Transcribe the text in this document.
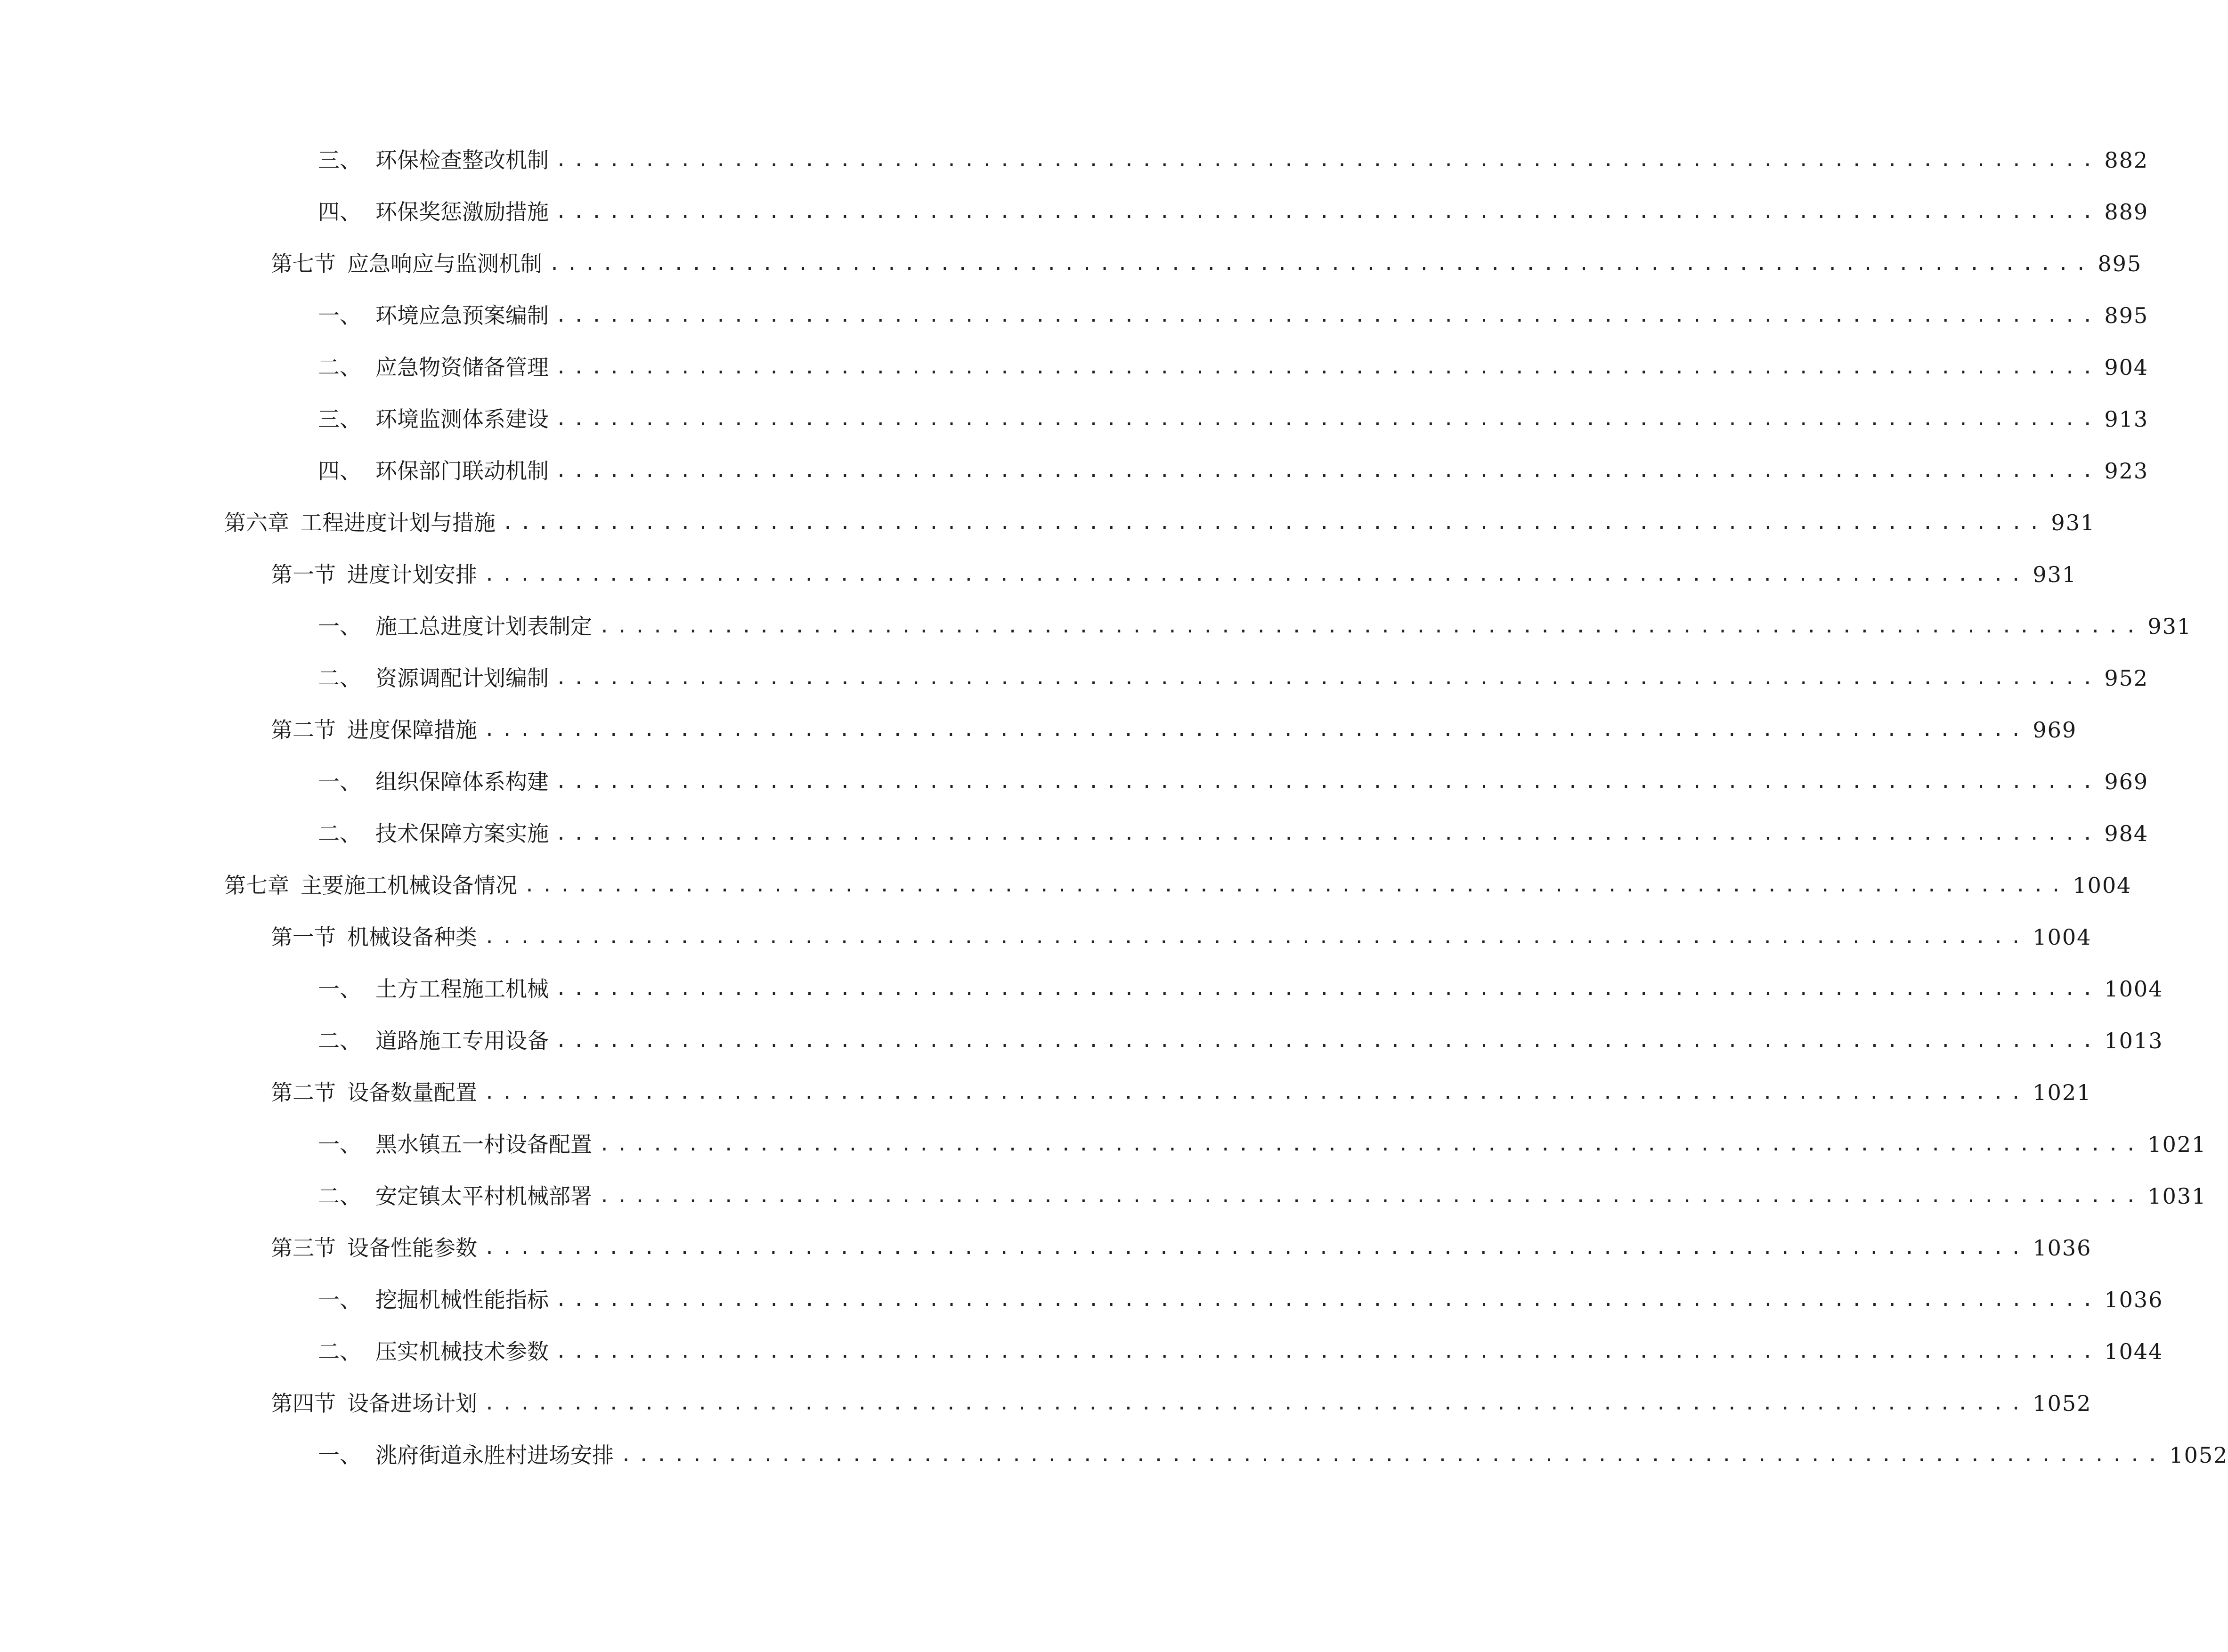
三、 环保检查整改机制 ....................................................................................... 882
四、 环保奖惩激励措施 ....................................................................................... 889
第七节 应急响应与监测机制 ....................................................................................... 895
一、 环境应急预案编制 ....................................................................................... 895
二、 应急物资储备管理 ....................................................................................... 904
三、 环境监测体系建设 ....................................................................................... 913
四、 环保部门联动机制 ....................................................................................... 923
第六章 工程进度计划与措施 ....................................................................................... 931
第一节 进度计划安排 ....................................................................................... 931
一、 施工总进度计划表制定 ....................................................................................... 931
二、 资源调配计划编制 ....................................................................................... 952
第二节 进度保障措施 ....................................................................................... 969
一、 组织保障体系构建 ....................................................................................... 969
二、 技术保障方案实施 ....................................................................................... 984
第七章 主要施工机械设备情况 ....................................................................................... 1004
第一节 机械设备种类 ....................................................................................... 1004
一、 土方工程施工机械 ....................................................................................... 1004
二、 道路施工专用设备 ....................................................................................... 1013
第二节 设备数量配置 ....................................................................................... 1021
一、 黑水镇五一村设备配置 ....................................................................................... 1021
二、 安定镇太平村机械部署 ....................................................................................... 1031
第三节 设备性能参数 ....................................................................................... 1036
一、 挖掘机械性能指标 ....................................................................................... 1036
二、 压实机械技术参数 ....................................................................................... 1044
第四节 设备进场计划 ....................................................................................... 1052
一、 洮府街道永胜村进场安排 ....................................................................................... 1052
